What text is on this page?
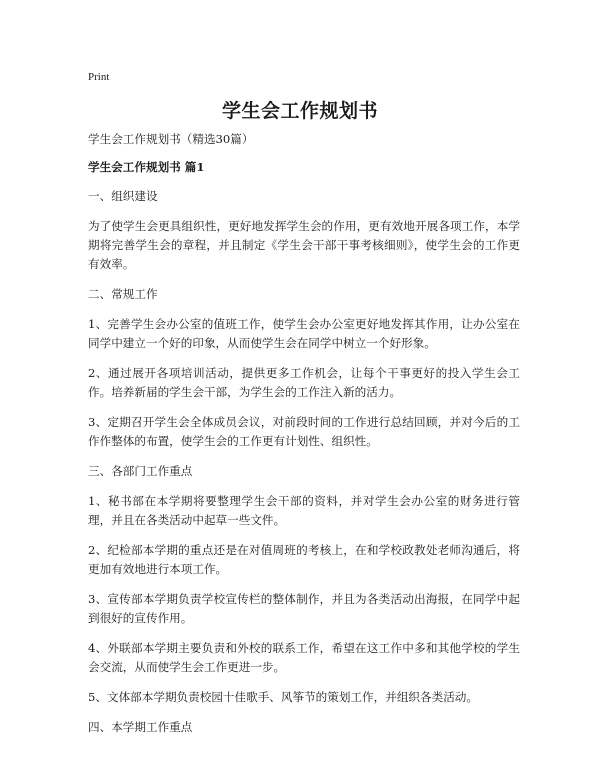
Print
学生会工作规划书

学生会工作规划书（精选30篇）

学生会工作规划书 篇1

一、组织建设

为了使学生会更具组织性，更好地发挥学生会的作用，更有效地开展各项工作，本学期将完善学生会的章程，并且制定《学生会干部干事考核细则》，使学生会的工作更有效率。

二、常规工作

1、完善学生会办公室的值班工作，使学生会办公室更好地发挥其作用，让办公室在同学中建立一个好的印象，从而使学生会在同学中树立一个好形象。

2、通过展开各项培训活动，提供更多工作机会，让每个干事更好的投入学生会工作。培养新届的学生会干部，为学生会的工作注入新的活力。

3、定期召开学生会全体成员会议，对前段时间的工作进行总结回顾，并对今后的工作作整体的布置，使学生会的工作更有计划性、组织性。

三、各部门工作重点

1、秘书部在本学期将要整理学生会干部的资料，并对学生会办公室的财务进行管理，并且在各类活动中起草一些文件。

2、纪检部本学期的重点还是在对值周班的考核上，在和学校政教处老师沟通后，将更加有效地进行本项工作。

3、宣传部本学期负责学校宣传栏的整体制作，并且为各类活动出海报，在同学中起到很好的宣传作用。

4、外联部本学期主要负责和外校的联系工作，希望在这工作中多和其他学校的学生会交流，从而使学生会工作更进一步。

5、文体部本学期负责校园十佳歌手、风筝节的策划工作，并组织各类活动。

四、本学期工作重点
